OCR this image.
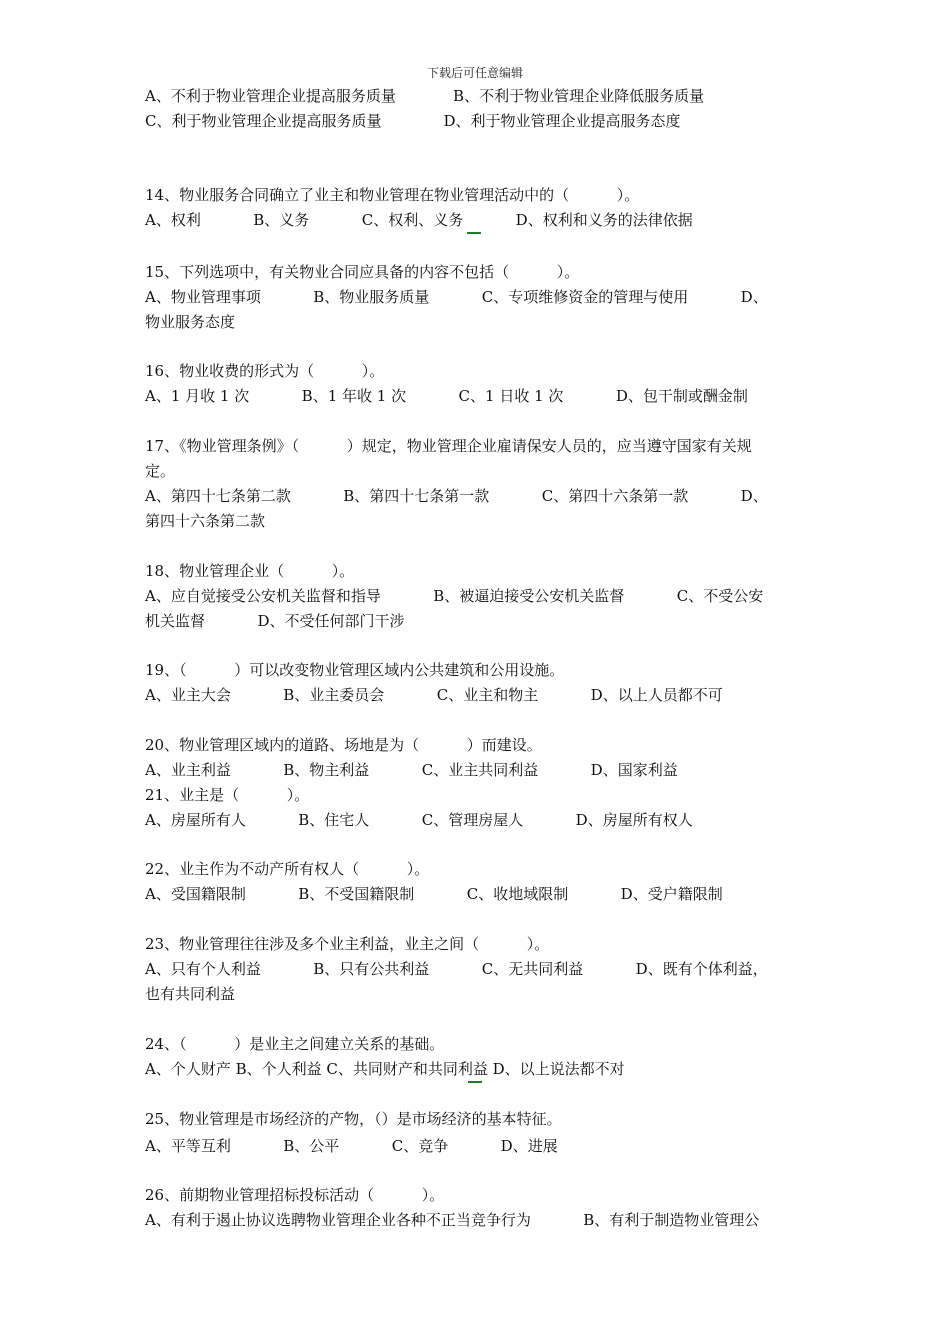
下载后可任意编辑
A、不利于物业管理企业提高服务质量            B、不利于物业管理企业降低服务质量
C、利于物业管理企业提高服务质量             D、利于物业管理企业提高服务态度
14、物业服务合同确立了业主和物业管理在物业管理活动中的（          ）。
A、权利           B、义务           C、权利、义务           D、权利和义务的法律依据
15、下列选项中，有关物业合同应具备的内容不包括（          ）。
A、物业管理事项           B、物业服务质量           C、专项维修资金的管理与使用           D、
物业服务态度
16、物业收费的形式为（          ）。
A、1 月收 1 次           B、1 年收 1 次           C、1 日收 1 次           D、包干制或酬金制
17、《物业管理条例》（          ）规定，物业管理企业雇请保安人员的，应当遵守国家有关规
定。
A、第四十七条第二款           B、第四十七条第一款           C、第四十六条第一款           D、
第四十六条第二款
18、物业管理企业（          ）。
A、应自觉接受公安机关监督和指导           B、被逼迫接受公安机关监督           C、不受公安
机关监督           D、不受任何部门干涉
19、（          ）可以改变物业管理区域内公共建筑和公用设施。
A、业主大会           B、业主委员会           C、业主和物主           D、以上人员都不可
20、物业管理区域内的道路、场地是为（          ）而建设。
A、业主利益           B、物主利益           C、业主共同利益           D、国家利益
21、业主是（          ）。
A、房屋所有人           B、住宅人           C、管理房屋人           D、房屋所有权人
22、业主作为不动产所有权人（          ）。
A、受国籍限制           B、不受国籍限制           C、收地域限制           D、受户籍限制
23、物业管理往往涉及多个业主利益，业主之间（          ）。
A、只有个人利益           B、只有公共利益           C、无共同利益           D、既有个体利益，
也有共同利益
24、（          ）是业主之间建立关系的基础。
A、个人财产 B、个人利益 C、共同财产和共同利益 D、以上说法都不对
25、物业管理是市场经济的产物，（）是市场经济的基本特征。
A、平等互利           B、公平           C、竞争           D、进展
26、前期物业管理招标投标活动（          ）。
A、有利于遏止协议选聘物业管理企业各种不正当竞争行为           B、有利于制造物业管理公
